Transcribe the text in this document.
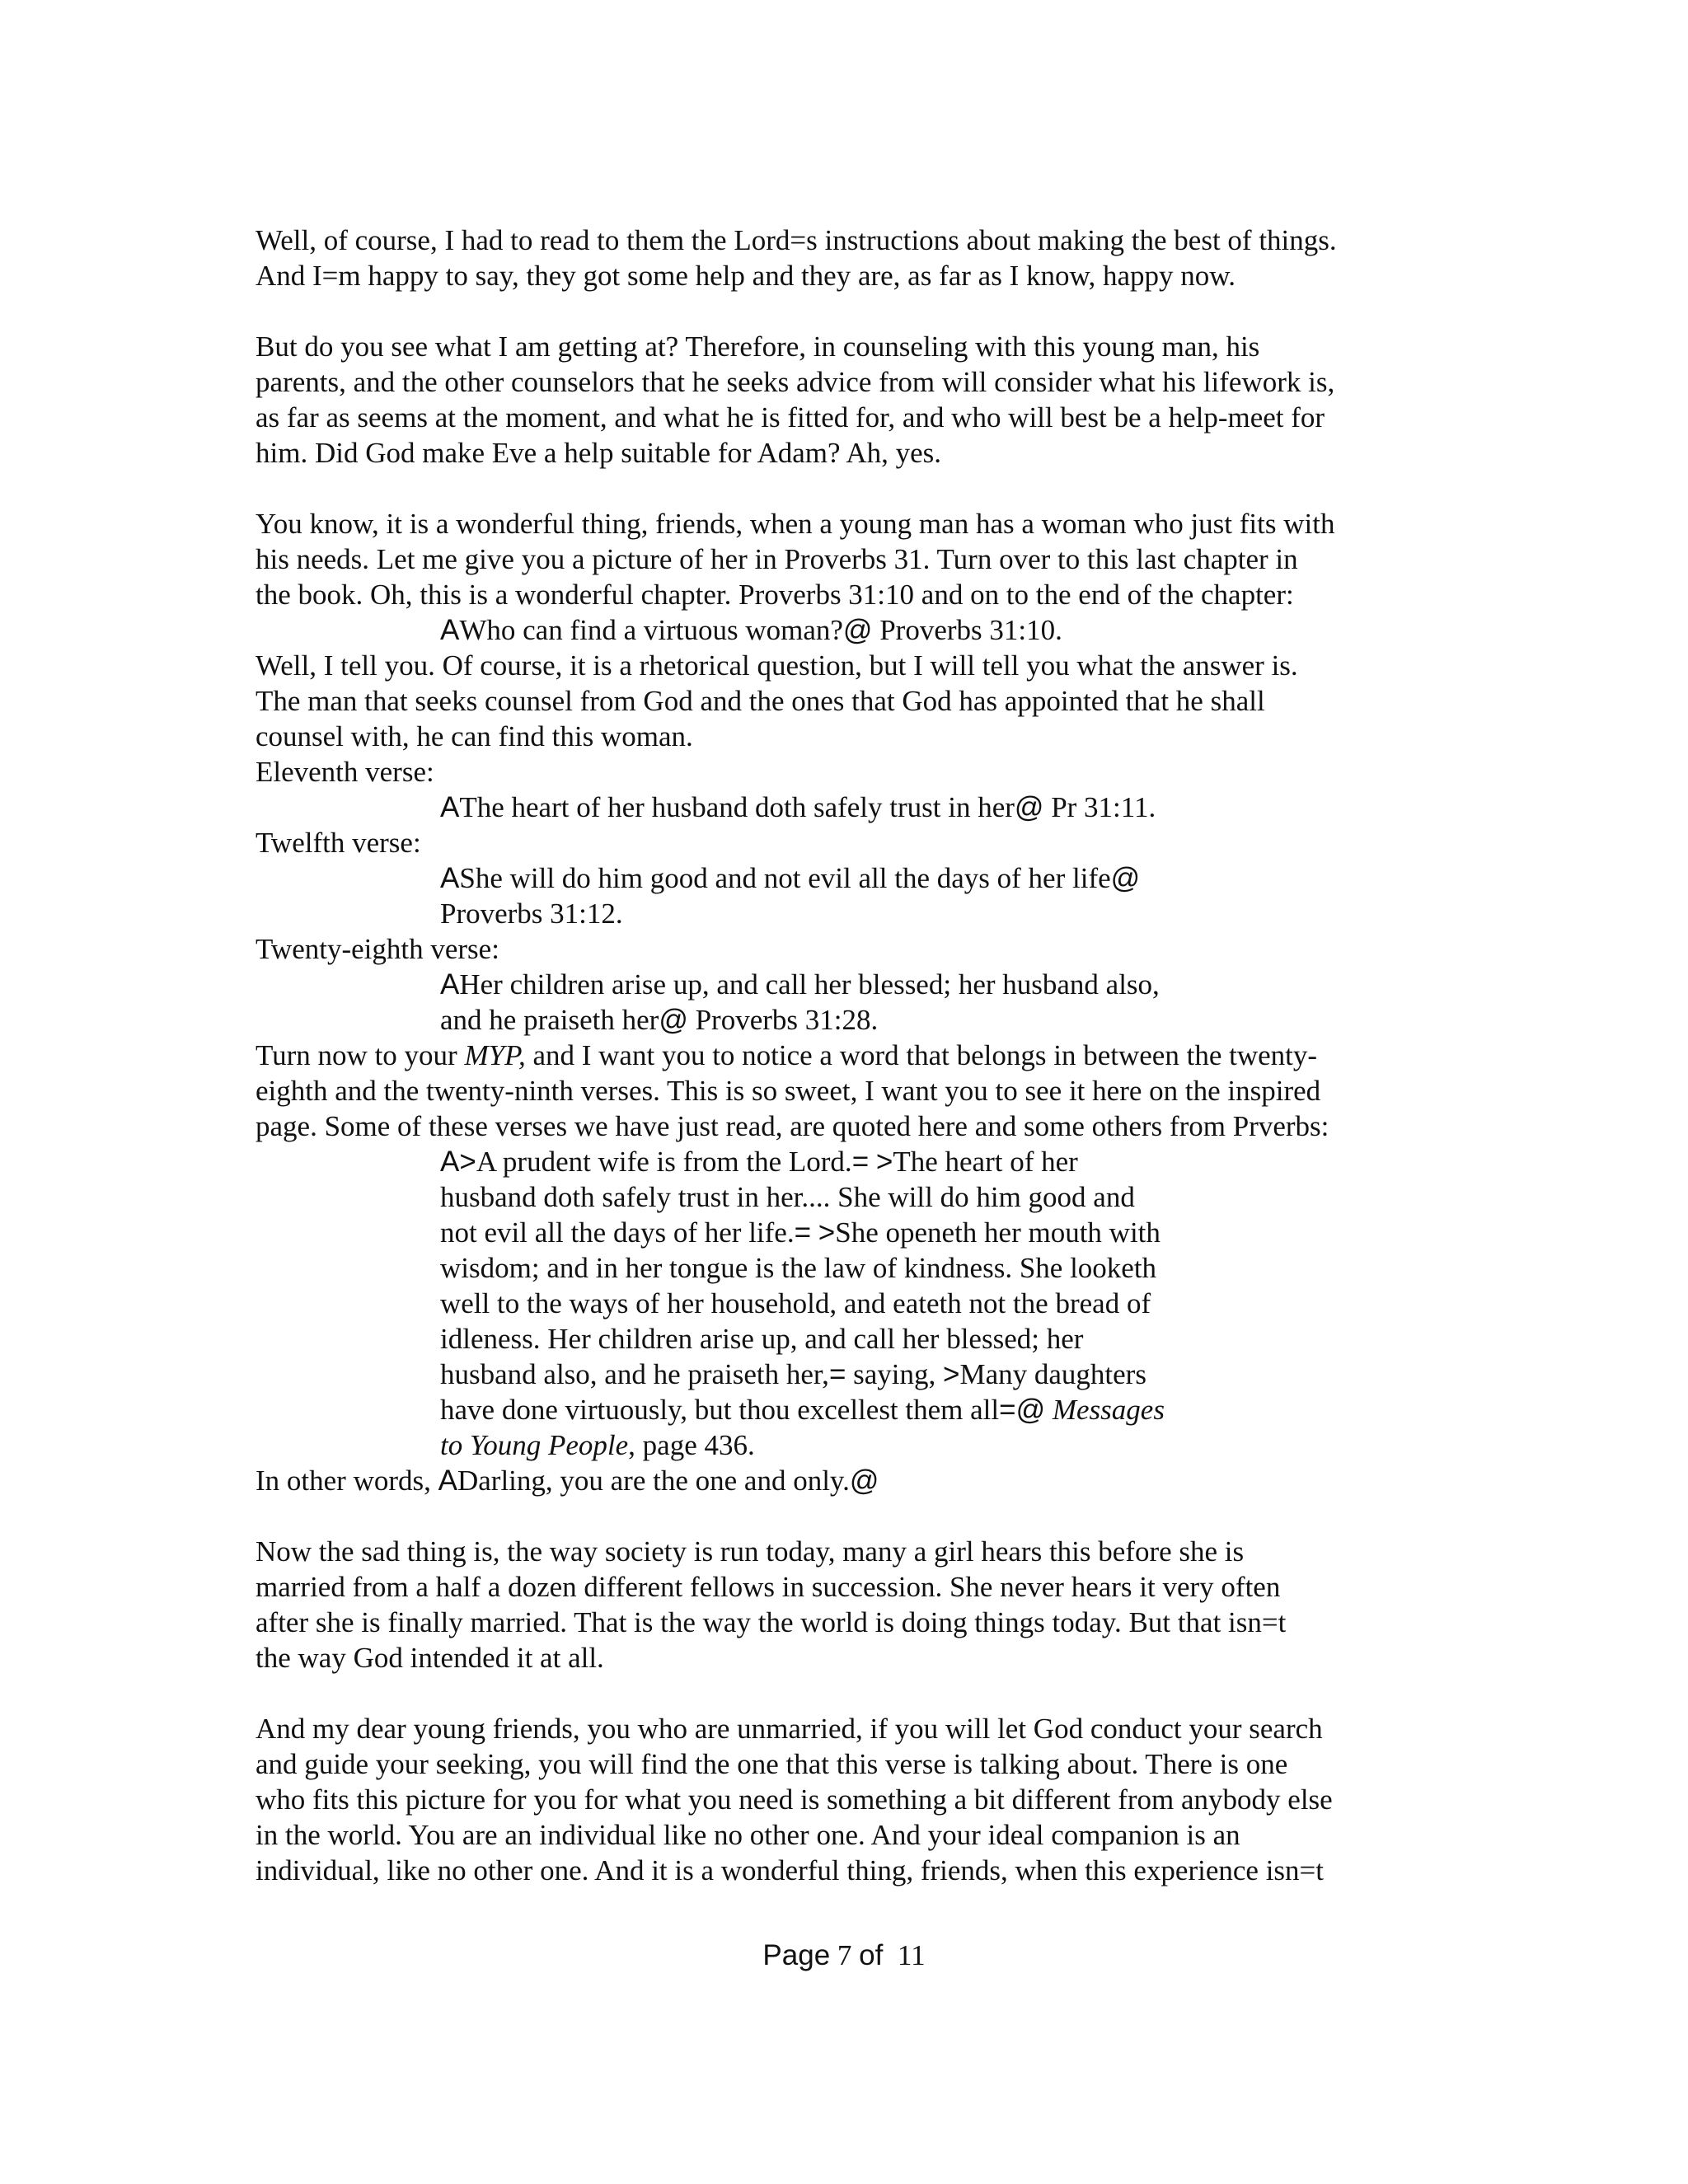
Well, of course, I had to read to them the Lord=s instructions about making the best of things.
And I=m happy to say, they got some help and they are, as far as I know, happy now.
But do you see what I am getting at? Therefore, in counseling with this young man, his
parents, and the other counselors that he seeks advice from will consider what his lifework is,
as far as seems at the moment, and what he is fitted for, and who will best be a help-meet for
him. Did God make Eve a help suitable for Adam? Ah, yes.
You know, it is a wonderful thing, friends, when a young man has a woman who just fits with
his needs. Let me give you a picture of her in Proverbs 31. Turn over to this last chapter in
the book. Oh, this is a wonderful chapter. Proverbs 31:10 and on to the end of the chapter:
AWho can find a virtuous woman?@ Proverbs 31:10.
Well, I tell you. Of course, it is a rhetorical question, but I will tell you what the answer is.
The man that seeks counsel from God and the ones that God has appointed that he shall
counsel with, he can find this woman.
Eleventh verse:
AThe heart of her husband doth safely trust in her@ Pr 31:11.
Twelfth verse:
AShe will do him good and not evil all the days of her life@
Proverbs 31:12.
Twenty-eighth verse:
AHer children arise up, and call her blessed; her husband also,
and he praiseth her@ Proverbs 31:28.
Turn now to your MYP, and I want you to notice a word that belongs in between the twenty-
eighth and the twenty-ninth verses. This is so sweet, I want you to see it here on the inspired
page. Some of these verses we have just read, are quoted here and some others from Prverbs:
A>A prudent wife is from the Lord.= >The heart of her
husband doth safely trust in her.... She will do him good and
not evil all the days of her life.= >She openeth her mouth with
wisdom; and in her tongue is the law of kindness. She looketh
well to the ways of her household, and eateth not the bread of
idleness. Her children arise up, and call her blessed; her
husband also, and he praiseth her,= saying, >Many daughters
have done virtuously, but thou excellest them all=@ Messages
to Young People, page 436.
In other words, ADarling, you are the one and only.@
Now the sad thing is, the way society is run today, many a girl hears this before she is
married from a half a dozen different fellows in succession. She never hears it very often
after she is finally married. That is the way the world is doing things today. But that isn=t
the way God intended it at all.
And my dear young friends, you who are unmarried, if you will let God conduct your search
and guide your seeking, you will find the one that this verse is talking about. There is one
who fits this picture for you for what you need is something a bit different from anybody else
in the world. You are an individual like no other one. And your ideal companion is an
individual, like no other one. And it is a wonderful thing, friends, when this experience isn=t
Page 7 of 11
